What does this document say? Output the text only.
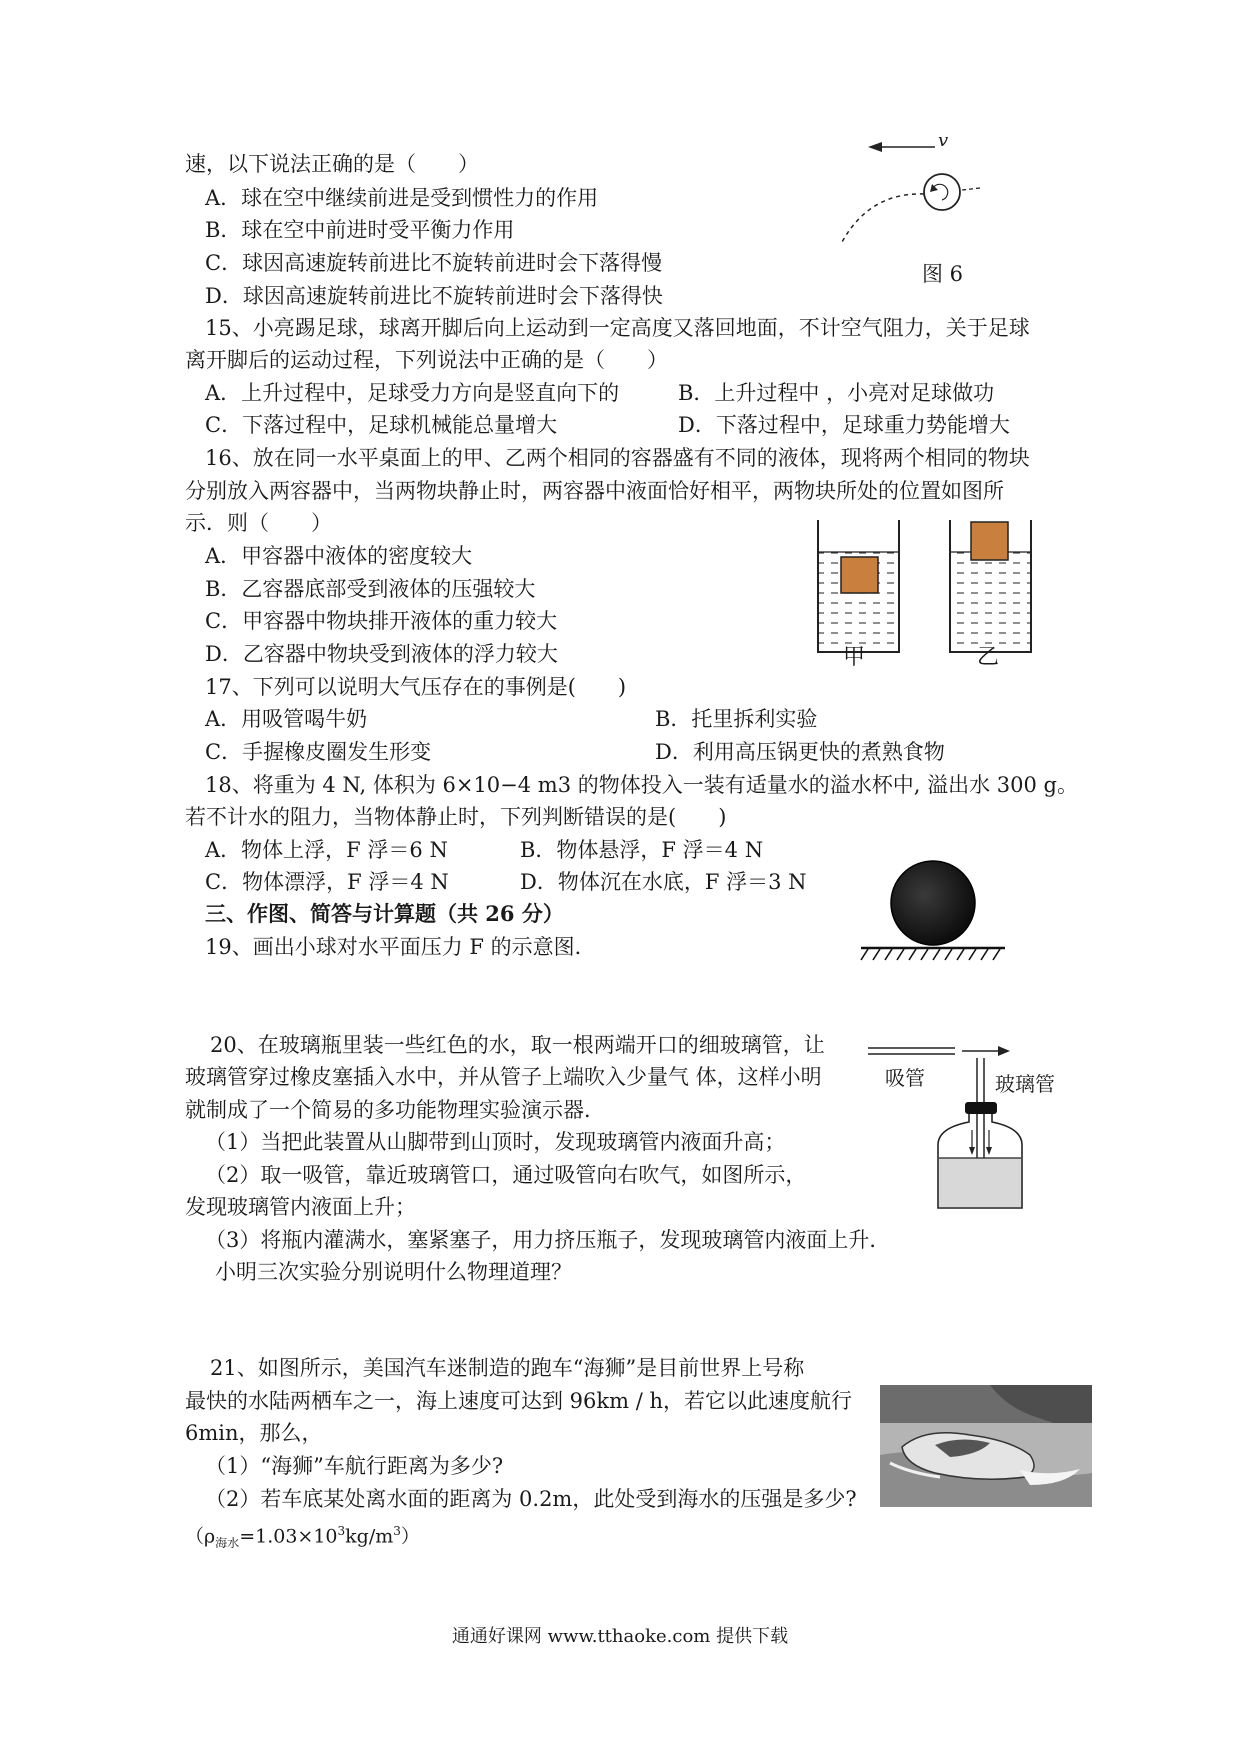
速，以下说法正确的是（　　）
A．球在空中继续前进是受到惯性力的作用
B．球在空中前进时受平衡力作用
C．球因高速旋转前进比不旋转前进时会下落得慢
D．球因高速旋转前进比不旋转前进时会下落得快
v
图 6
15、小亮踢足球，球离开脚后向上运动到一定高度又落回地面，不计空气阻力，关于足球
离开脚后的运动过程，下列说法中正确的是（　　）
A．上升过程中，足球受力方向是竖直向下的	B．上升过程中 ，小亮对足球做功
C．下落过程中，足球机械能总量增大	D．下落过程中，足球重力势能增大
16、放在同一水平桌面上的甲、乙两个相同的容器盛有不同的液体，现将两个相同的物块
分别放入两容器中，当两物块静止时，两容器中液面恰好相平，两物块所处的位置如图所
示．则（　　）
A．甲容器中液体的密度较大
B．乙容器底部受到液体的压强较大
C．甲容器中物块排开液体的重力较大
D．乙容器中物块受到液体的浮力较大	甲	乙
17、下列可以说明大气压存在的事例是(　　)
A．用吸管喝牛奶	B．托里拆利实验
C．手握橡皮圈发生形变	D．利用高压锅更快的煮熟食物
18、将重为 4 N, 体积为 6×10−4 m3 的物体投入一装有适量水的溢水杯中, 溢出水 300 g。
若不计水的阻力，当物体静止时，下列判断错误的是(　　)
A．物体上浮，F 浮＝6 N	B．物体悬浮，F 浮＝4 N
C．物体漂浮，F 浮＝4 N	D．物体沉在水底，F 浮＝3 N
三、作图、简答与计算题（共 26 分）
19、画出小球对水平面压力 F 的示意图．
20、在玻璃瓶里装一些红色的水，取一根两端开口的细玻璃管，让
玻璃管穿过橡皮塞插入水中，并从管子上端吹入少量气 体，这样小明
就制成了一个简易的多功能物理实验演示器．
（1）当把此装置从山脚带到山顶时，发现玻璃管内液面升高；
（2）取一吸管，靠近玻璃管口，通过吸管向右吹气，如图所示，
发现玻璃管内液面上升；
（3）将瓶内灌满水，塞紧塞子，用力挤压瓶子，发现玻璃管内液面上升．
小明三次实验分别说明什么物理道理？
吸管	玻璃管
21、如图所示，美国汽车迷制造的跑车“海狮”是目前世界上号称
最快的水陆两栖车之一，海上速度可达到 96km / h，若它以此速度航行
6min，那么，
（1）“海狮”车航行距离为多少?
（2）若车底某处离水面的距离为 0.2m，此处受到海水的压强是多少?
$(\rho_{海水}=1.03\times 10^3kg/m^3)$
通通好课网 www.tthaoke.com 提供下载
